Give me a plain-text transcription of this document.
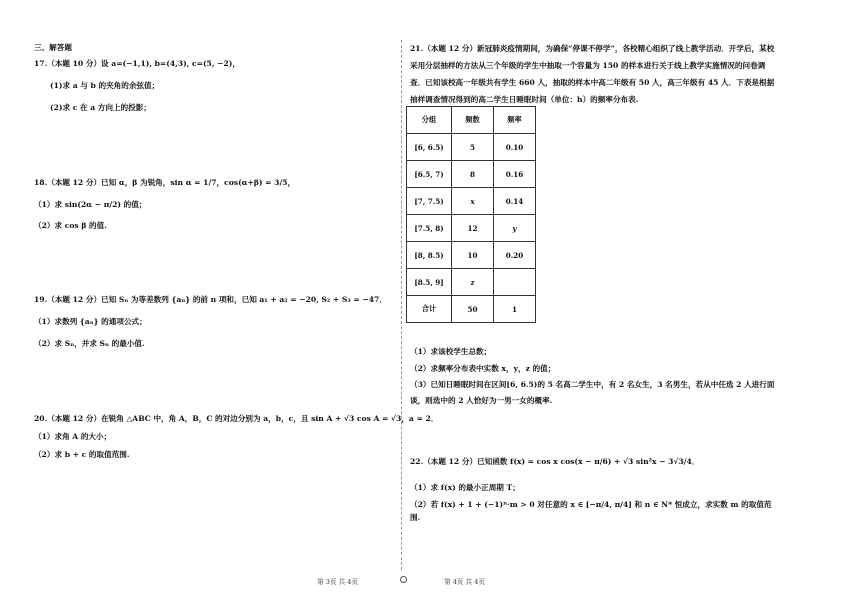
三、解答题
17.（本题 10 分）设 a=(−1,1), b=(4,3), c=(5, −2)，
(1)求 a 与 b 的夹角的余弦值；
(2)求 c 在 a 方向上的投影；
18.（本题 12 分）已知 α，β 为锐角，sin α = 1/7，cos(α+β) = 3/5，
（1）求 sin(2α − π/2) 的值；
（2）求 cos β 的值.
19.（本题 12 分）已知 Sₙ 为等差数列 {aₙ} 的前 n 项和，已知 a₁ + a₂ = −20, S₂ + S₃ = −47．
（1）求数列 {aₙ} 的通项公式；
（2）求 Sₙ，并求 Sₙ 的最小值.
20.（本题 12 分）在锐角 △ABC 中，角 A，B，C 的对边分别为 a，b，c，且 sin A + √3 cos A = √3，a = 2．
（1）求角 A 的大小；
（2）求 b + c 的取值范围.
21.（本题 12 分）新冠肺炎疫情期间，为确保“停课不停学”，各校精心组织了线上教学活动．开学后，某校采用分层抽样的方法从三个年级的学生中抽取一个容量为 150 的样本进行关于线上教学实施情况的问卷调查．已知该校高一年级共有学生 660 人，抽取的样本中高二年级有 50 人，高三年级有 45 人．下表是根据抽样调查情况得到的高二学生日睡眠时间（单位：h）的频率分布表.
分组	频数	频率
[6, 6.5)	5	0.10
[6.5, 7)	8	0.16
[7, 7.5)	x	0.14
[7.5, 8)	12	y
[8, 8.5)	10	0.20
[8.5, 9]	z	
合计	50	1
（1）求该校学生总数；
（2）求频率分布表中实数 x，y，z 的值；
（3）已知日睡眠时间在区间[6, 6.5)的 5 名高二学生中，有 2 名女生，3 名男生，若从中任选 2 人进行面谈，则选中的 2 人恰好为一男一女的概率.
22.（本题 12 分）已知函数 f(x) = cos x cos(x − π/6) + √3 sin²x − 3√3/4．
（1）求 f(x) 的最小正周期 T；
（2）若 f(x) + 1 + (−1)ⁿ·m > 0 对任意的 x ∈ [−π/4, π/4] 和 n ∈ N* 恒成立，求实数 m 的取值范围.
第 3页 共 4页	第 4页 共 4页
